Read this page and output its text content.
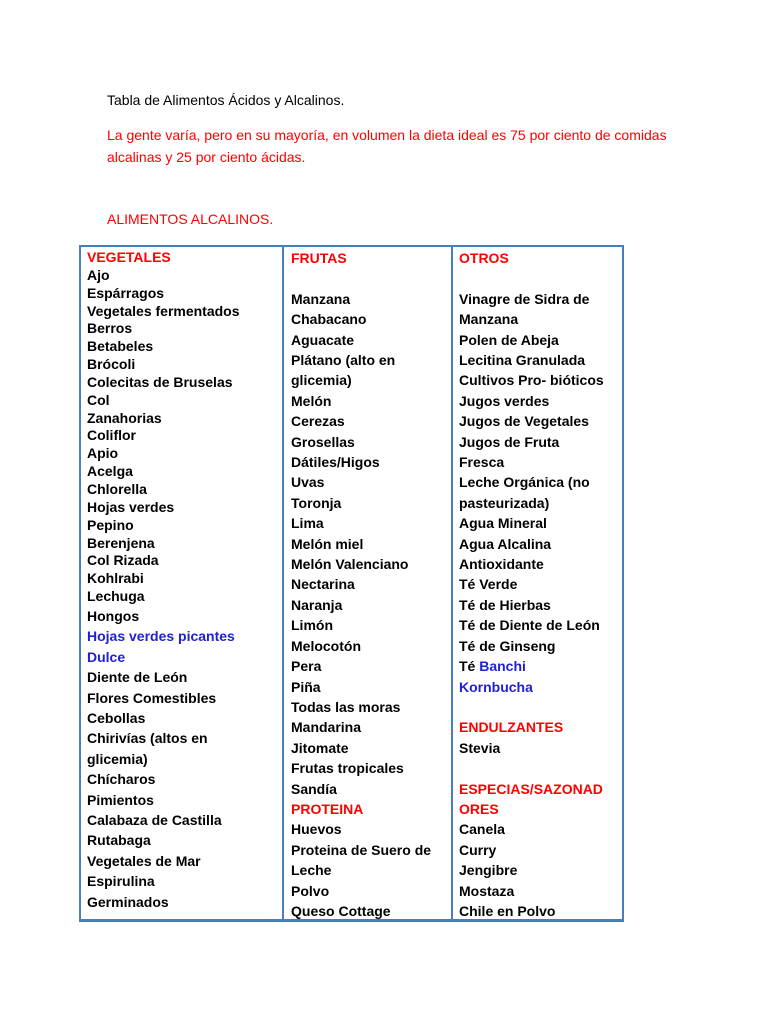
Tabla de Alimentos Ácidos y Alcalinos.
La gente varía, pero en su mayoría, en volumen la dieta ideal es 75 por ciento de comidas alcalinas y 25 por ciento ácidas.
ALIMENTOS ALCALINOS.
VEGETALES
Ajo
Espárragos
Vegetales fermentados
Berros
Betabeles
Brócoli
Colecitas de Bruselas
Col
Zanahorias
Coliflor
Apio
Acelga
Chlorella
Hojas verdes
Pepino
Berenjena
Col Rizada
Kohlrabi
Lechuga
Hongos
Hojas verdes picantes
Dulce
Diente de León
Flores Comestibles
Cebollas
Chirivías (altos en
glicemia)
Chícharos
Pimientos
Calabaza de Castilla
Rutabaga
Vegetales de Mar
Espirulina
Germinados
FRUTAS
Manzana
Chabacano
Aguacate
Plátano (alto en
glicemia)
Melón
Cerezas
Grosellas
Dátiles/Higos
Uvas
Toronja
Lima
Melón miel
Melón Valenciano
Nectarina
Naranja
Limón
Melocotón
Pera
Piña
Todas las moras
Mandarina
Jitomate
Frutas tropicales
Sandía
PROTEINA
Huevos
Proteina de Suero de
Leche
Polvo
Queso Cottage
OTROS
Vinagre de Sidra de
Manzana
Polen de Abeja
Lecitina Granulada
Cultivos Pro- bióticos
Jugos verdes
Jugos de Vegetales
Jugos de Fruta
Fresca
Leche Orgánica (no
pasteurizada)
Agua Mineral
Agua Alcalina
Antioxidante
Té Verde
Té de Hierbas
Té de Diente de León
Té de Ginseng
Té Banchi
Kornbucha
ENDULZANTES
Stevia
ESPECIAS/SAZONAD
ORES
Canela
Curry
Jengibre
Mostaza
Chile en Polvo
